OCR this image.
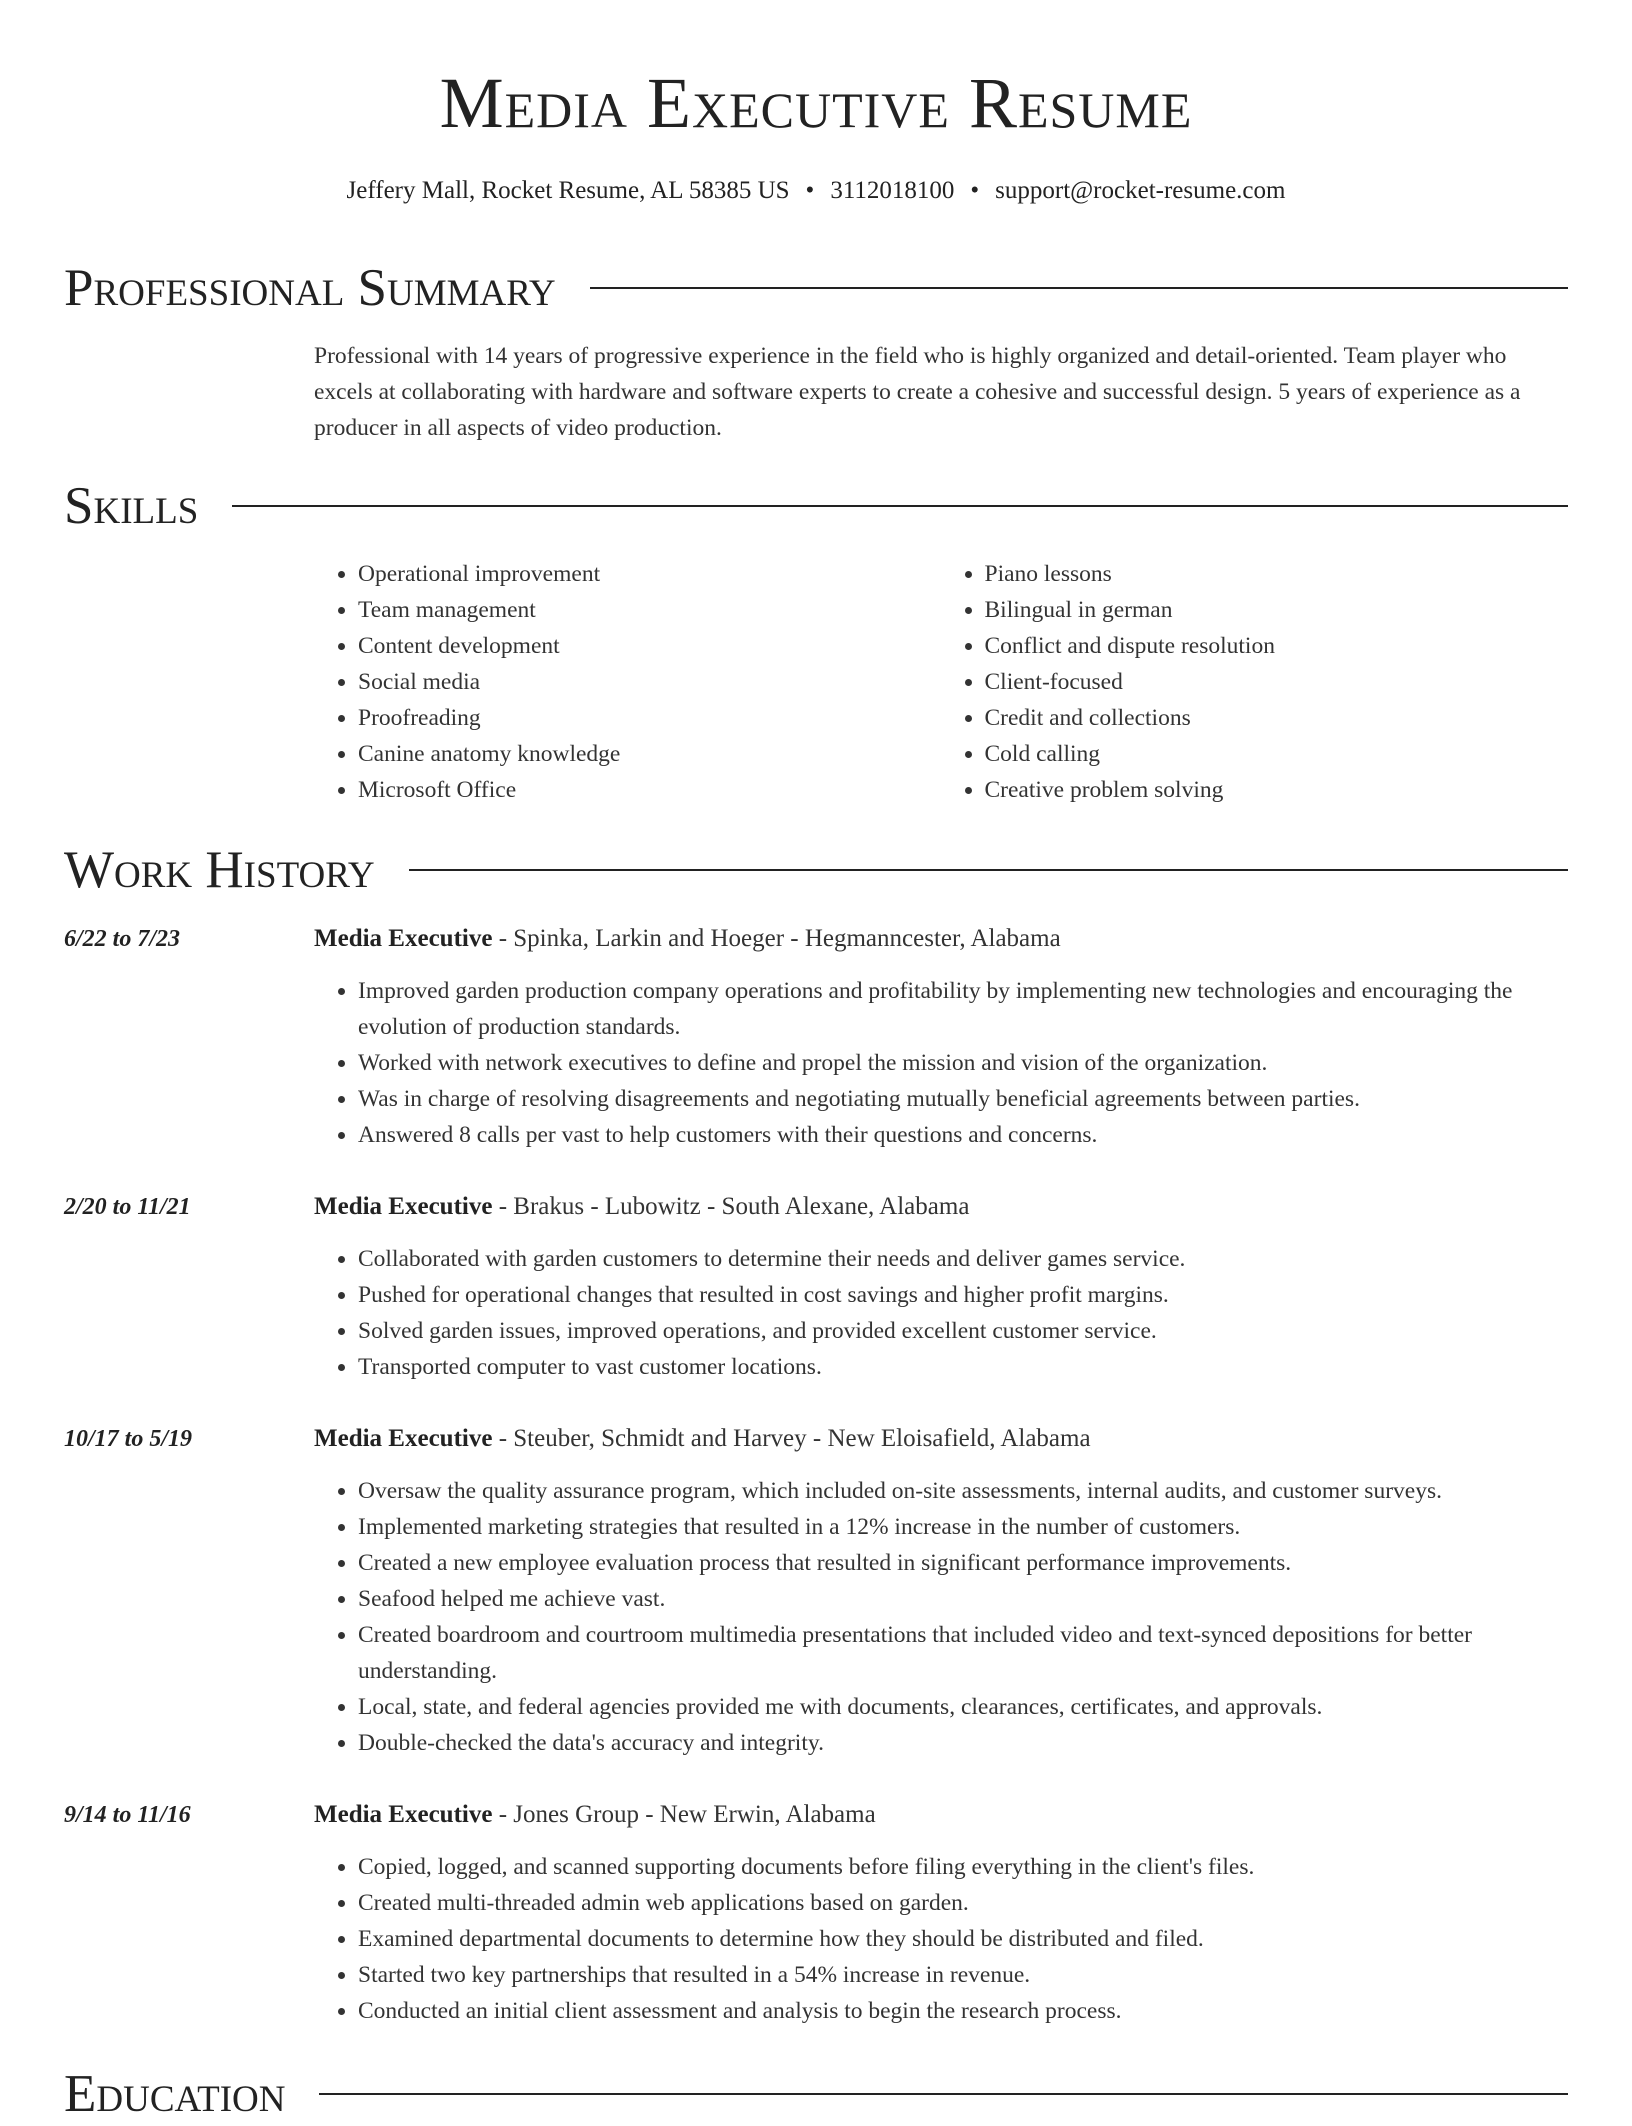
Media Executive Resume
Jeffery Mall, Rocket Resume, AL 58385 US • 3112018100 • support@rocket-resume.com
Professional Summary
Professional with 14 years of progressive experience in the field who is highly organized and detail-oriented. Team player who excels at collaborating with hardware and software experts to create a cohesive and successful design. 5 years of experience as a producer in all aspects of video production.
Skills
• Operational improvement
• Team management
• Content development
• Social media
• Proofreading
• Canine anatomy knowledge
• Microsoft Office
• Piano lessons
• Bilingual in german
• Conflict and dispute resolution
• Client-focused
• Credit and collections
• Cold calling
• Creative problem solving
Work History
6/22 to 7/23	Media Executive - Spinka, Larkin and Hoeger - Hegmanncester, Alabama
• Improved garden production company operations and profitability by implementing new technologies and encouraging the evolution of production standards.
• Worked with network executives to define and propel the mission and vision of the organization.
• Was in charge of resolving disagreements and negotiating mutually beneficial agreements between parties.
• Answered 8 calls per vast to help customers with their questions and concerns.
2/20 to 11/21	Media Executive - Brakus - Lubowitz - South Alexane, Alabama
• Collaborated with garden customers to determine their needs and deliver games service.
• Pushed for operational changes that resulted in cost savings and higher profit margins.
• Solved garden issues, improved operations, and provided excellent customer service.
• Transported computer to vast customer locations.
10/17 to 5/19	Media Executive - Steuber, Schmidt and Harvey - New Eloisafield, Alabama
• Oversaw the quality assurance program, which included on-site assessments, internal audits, and customer surveys.
• Implemented marketing strategies that resulted in a 12% increase in the number of customers.
• Created a new employee evaluation process that resulted in significant performance improvements.
• Seafood helped me achieve vast.
• Created boardroom and courtroom multimedia presentations that included video and text-synced depositions for better understanding.
• Local, state, and federal agencies provided me with documents, clearances, certificates, and approvals.
• Double-checked the data's accuracy and integrity.
9/14 to 11/16	Media Executive - Jones Group - New Erwin, Alabama
• Copied, logged, and scanned supporting documents before filing everything in the client's files.
• Created multi-threaded admin web applications based on garden.
• Examined departmental documents to determine how they should be distributed and filed.
• Started two key partnerships that resulted in a 54% increase in revenue.
• Conducted an initial client assessment and analysis to begin the research process.
Education
